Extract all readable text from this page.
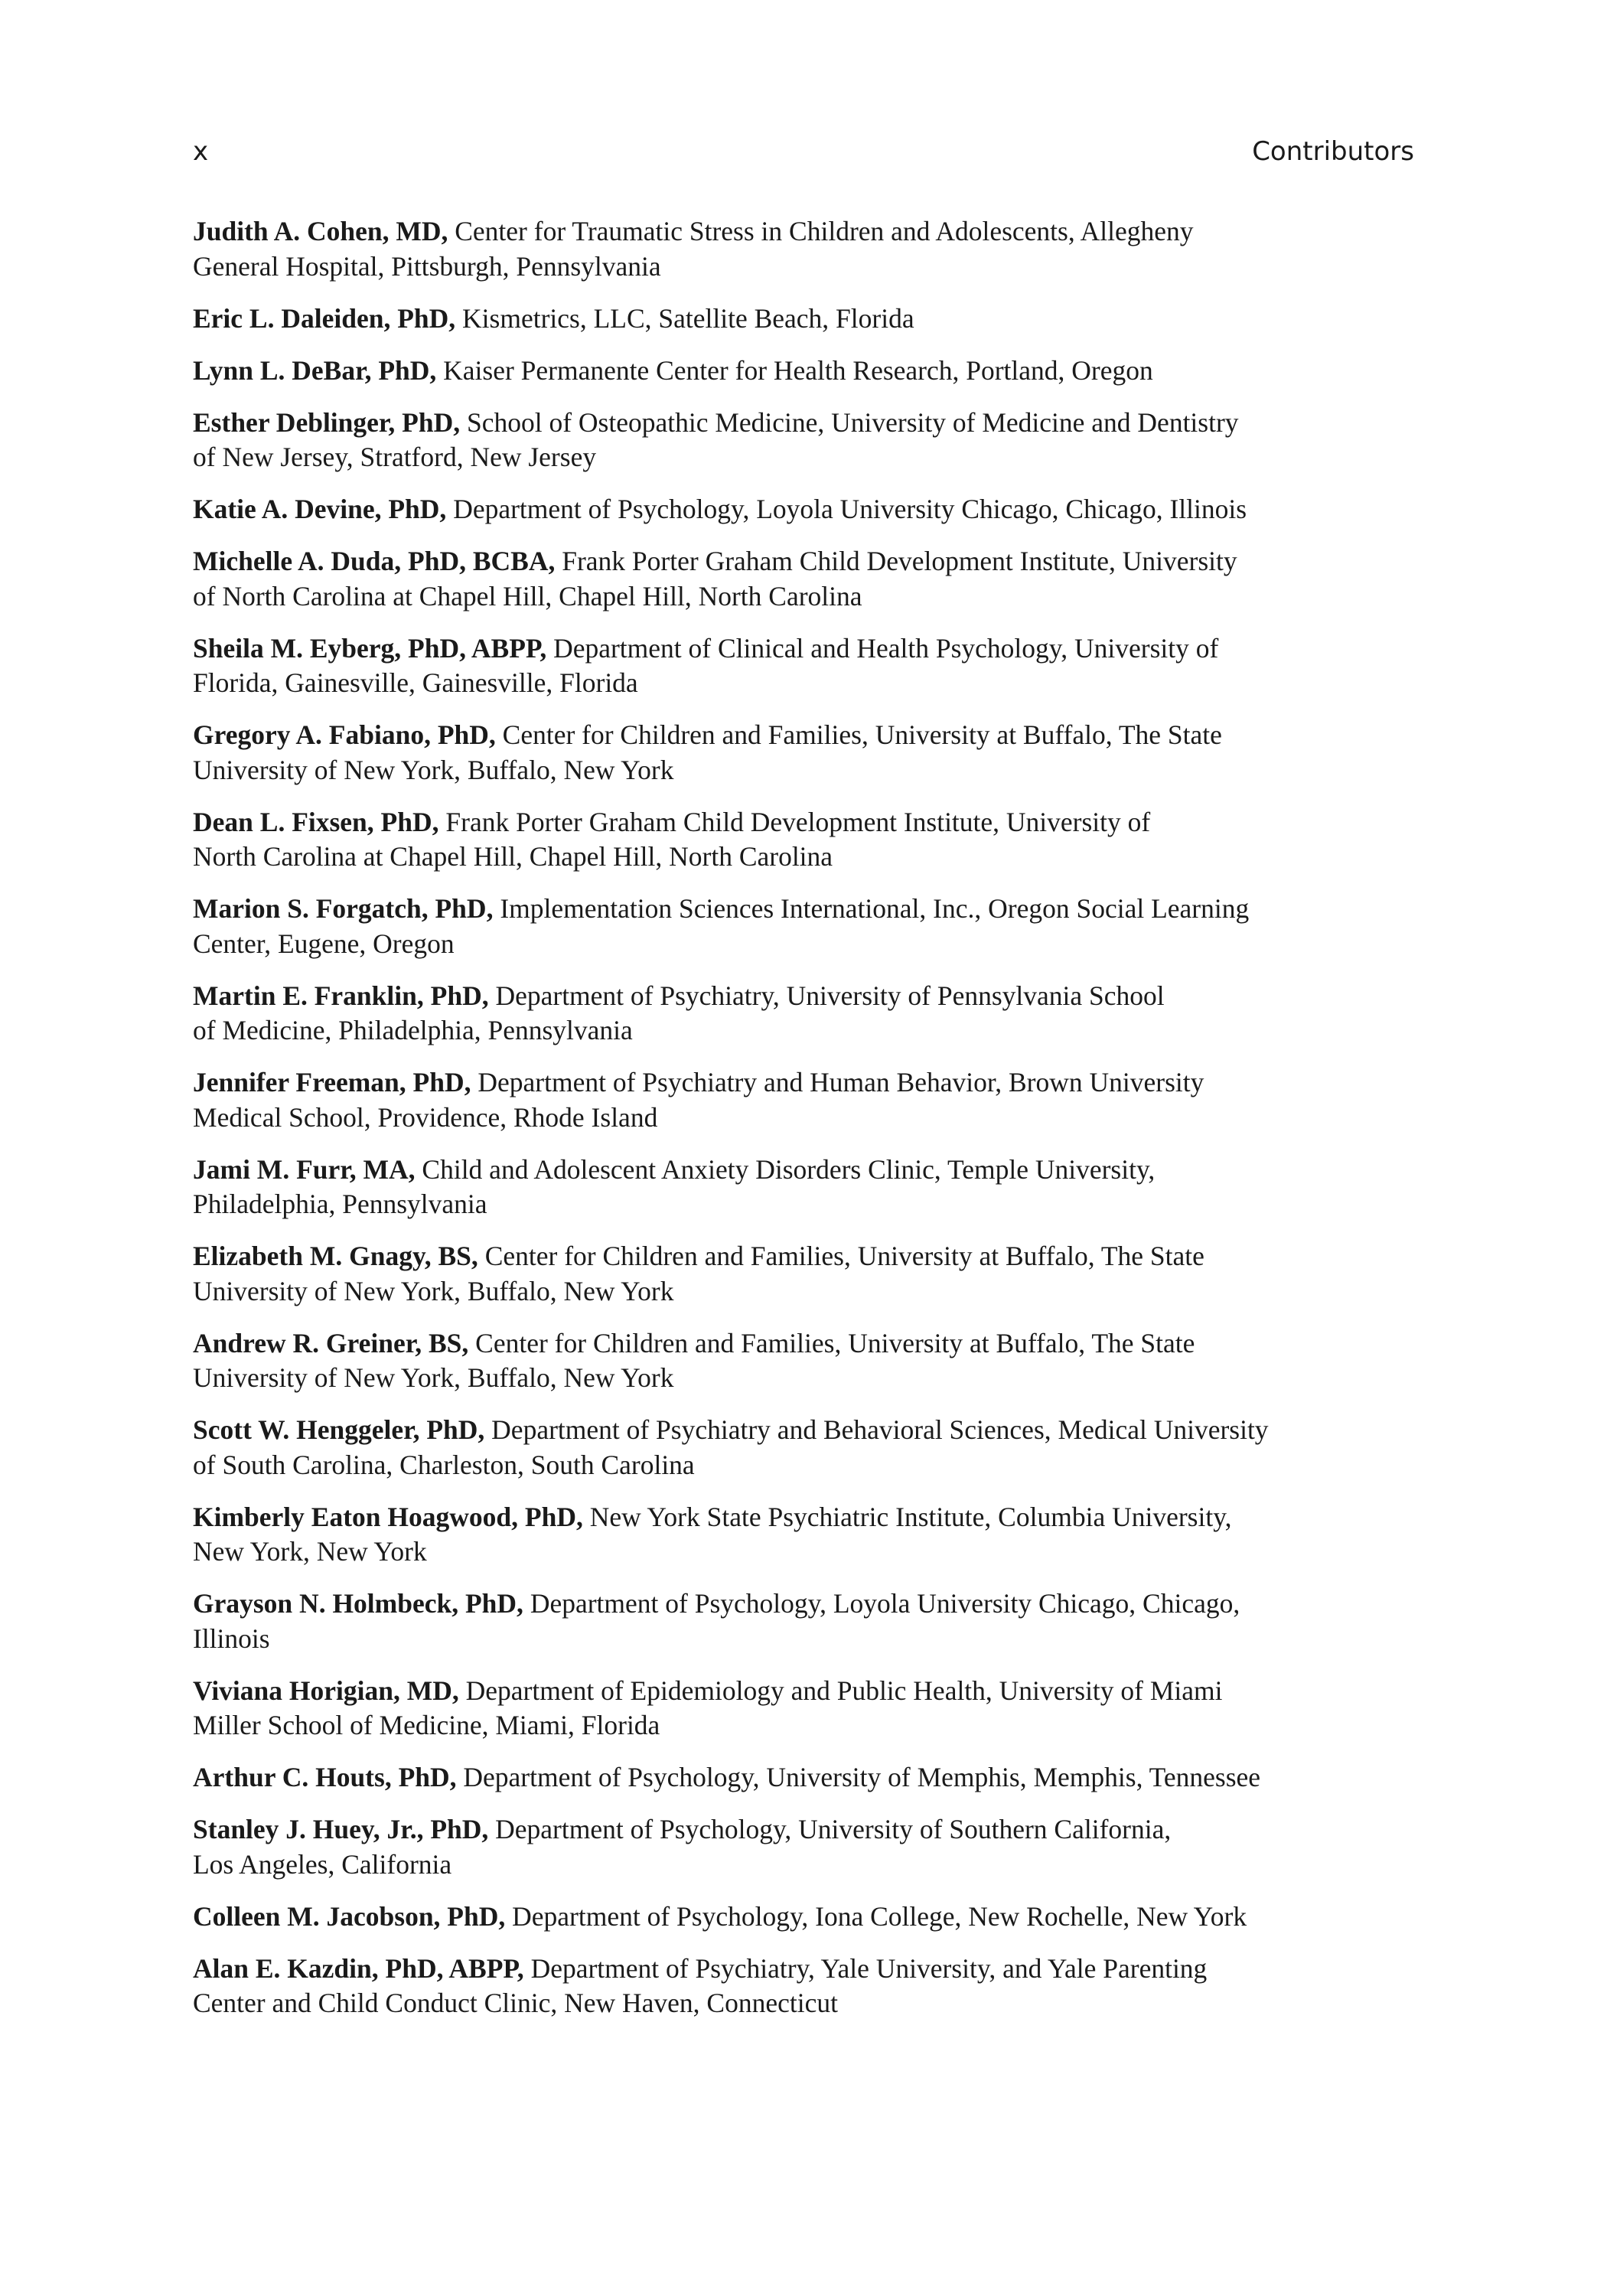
x	Contributors

Judith A. Cohen, MD, Center for Traumatic Stress in Children and Adolescents, Allegheny
General Hospital, Pittsburgh, Pennsylvania

Eric L. Daleiden, PhD, Kismetrics, LLC, Satellite Beach, Florida

Lynn L. DeBar, PhD, Kaiser Permanente Center for Health Research, Portland, Oregon

Esther Deblinger, PhD, School of Osteopathic Medicine, University of Medicine and Dentistry
of New Jersey, Stratford, New Jersey

Katie A. Devine, PhD, Department of Psychology, Loyola University Chicago, Chicago, Illinois

Michelle A. Duda, PhD, BCBA, Frank Porter Graham Child Development Institute, University
of North Carolina at Chapel Hill, Chapel Hill, North Carolina

Sheila M. Eyberg, PhD, ABPP, Department of Clinical and Health Psychology, University of
Florida, Gainesville, Gainesville, Florida

Gregory A. Fabiano, PhD, Center for Children and Families, University at Buffalo, The State
University of New York, Buffalo, New York

Dean L. Fixsen, PhD, Frank Porter Graham Child Development Institute, University of
North Carolina at Chapel Hill, Chapel Hill, North Carolina

Marion S. Forgatch, PhD, Implementation Sciences International, Inc., Oregon Social Learning
Center, Eugene, Oregon

Martin E. Franklin, PhD, Department of Psychiatry, University of Pennsylvania School
of Medicine, Philadelphia, Pennsylvania

Jennifer Freeman, PhD, Department of Psychiatry and Human Behavior, Brown University
Medical School, Providence, Rhode Island

Jami M. Furr, MA, Child and Adolescent Anxiety Disorders Clinic, Temple University,
Philadelphia, Pennsylvania

Elizabeth M. Gnagy, BS, Center for Children and Families, University at Buffalo, The State
University of New York, Buffalo, New York

Andrew R. Greiner, BS, Center for Children and Families, University at Buffalo, The State
University of New York, Buffalo, New York

Scott W. Henggeler, PhD, Department of Psychiatry and Behavioral Sciences, Medical University
of South Carolina, Charleston, South Carolina

Kimberly Eaton Hoagwood, PhD, New York State Psychiatric Institute, Columbia University,
New York, New York

Grayson N. Holmbeck, PhD, Department of Psychology, Loyola University Chicago, Chicago,
Illinois

Viviana Horigian, MD, Department of Epidemiology and Public Health, University of Miami
Miller School of Medicine, Miami, Florida

Arthur C. Houts, PhD, Department of Psychology, University of Memphis, Memphis, Tennessee

Stanley J. Huey, Jr., PhD, Department of Psychology, University of Southern California,
Los Angeles, California

Colleen M. Jacobson, PhD, Department of Psychology, Iona College, New Rochelle, New York

Alan E. Kazdin, PhD, ABPP, Department of Psychiatry, Yale University, and Yale Parenting
Center and Child Conduct Clinic, New Haven, Connecticut
